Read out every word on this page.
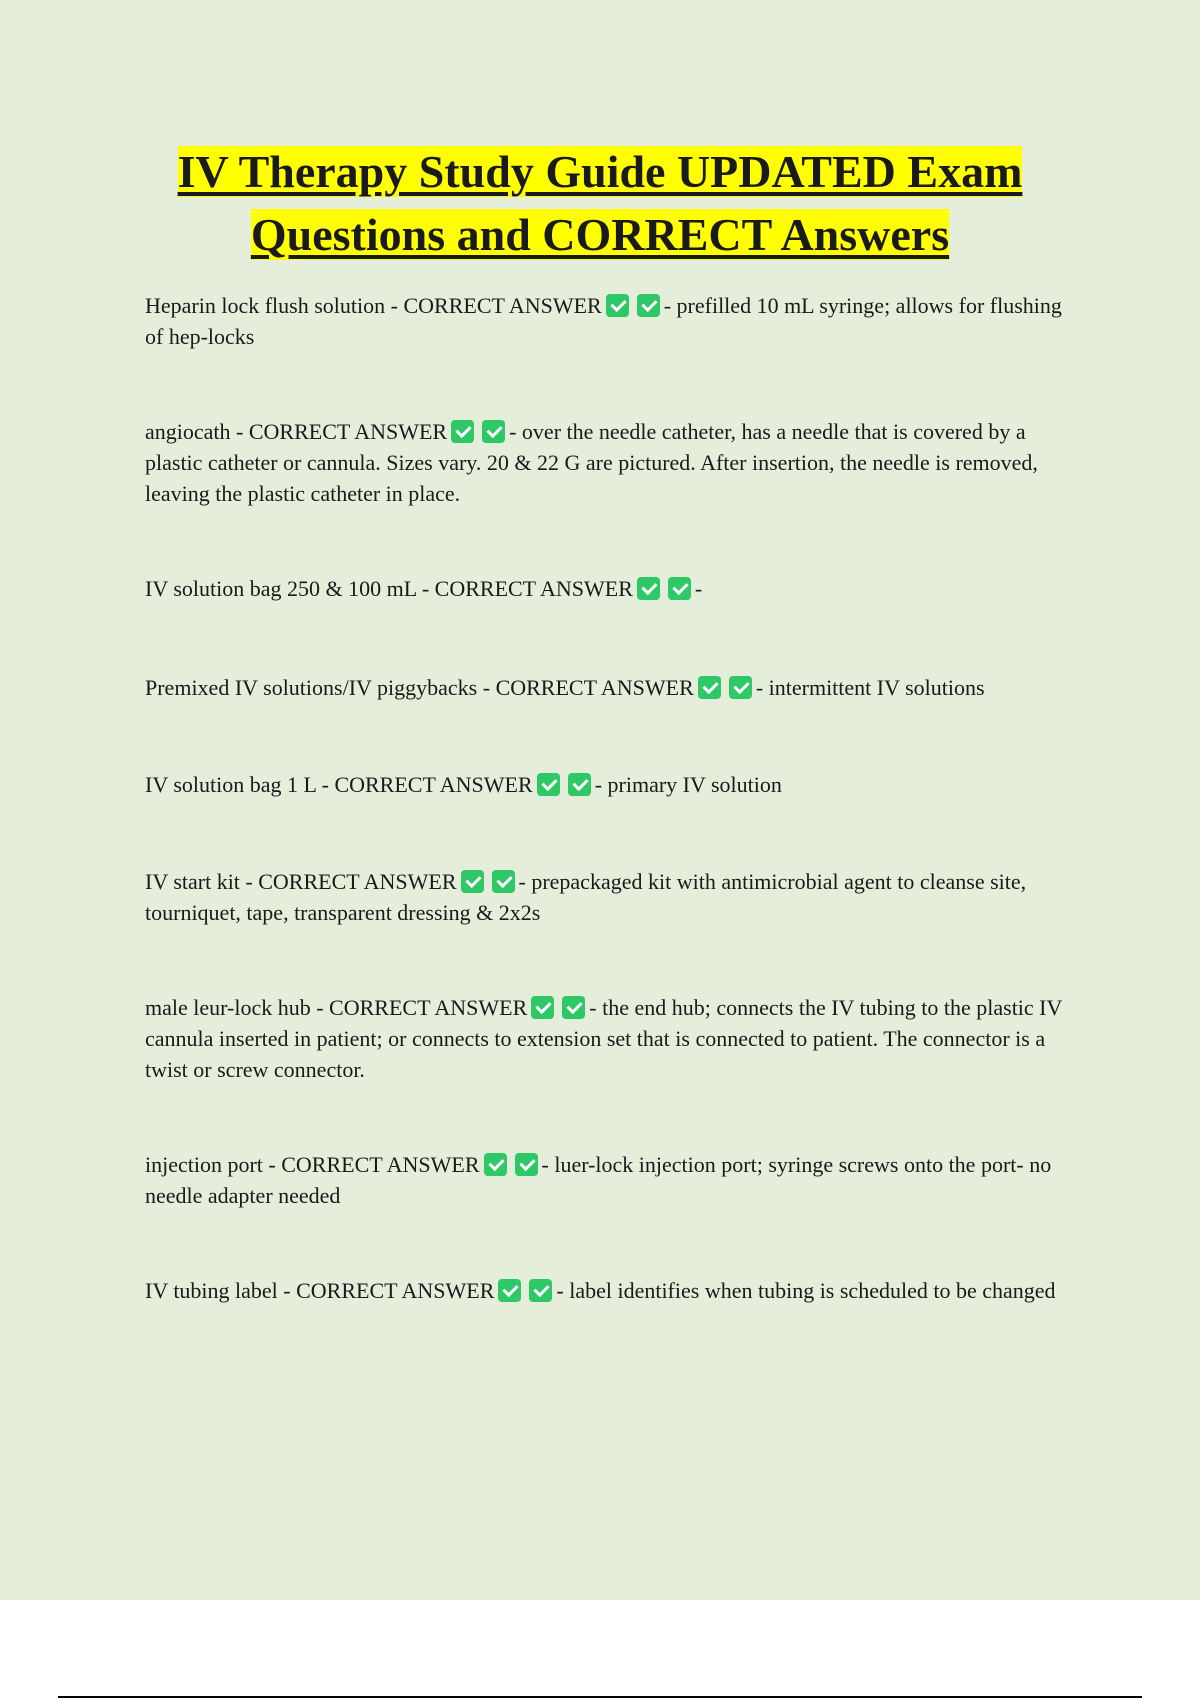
IV Therapy Study Guide UPDATED Exam
Questions and CORRECT Answers

Heparin lock flush solution - CORRECT ANSWER	- prefilled 10 mL syringe; allows for flushing of hep-locks

angiocath - CORRECT ANSWER	- over the needle catheter, has a needle that is covered by a plastic catheter or cannula. Sizes vary. 20 & 22 G are pictured. After insertion, the needle is removed, leaving the plastic catheter in place.

IV solution bag 250 & 100 mL - CORRECT ANSWER	-

Premixed IV solutions/IV piggybacks - CORRECT ANSWER	- intermittent IV solutions

IV solution bag 1 L - CORRECT ANSWER	- primary IV solution

IV start kit - CORRECT ANSWER	- prepackaged kit with antimicrobial agent to cleanse site, tourniquet, tape, transparent dressing & 2x2s

male leur-lock hub - CORRECT ANSWER	- the end hub; connects the IV tubing to the plastic IV cannula inserted in patient; or connects to extension set that is connected to patient. The connector is a twist or screw connector.

injection port - CORRECT ANSWER	- luer-lock injection port; syringe screws onto the port- no needle adapter needed

IV tubing label - CORRECT ANSWER	- label identifies when tubing is scheduled to be changed
